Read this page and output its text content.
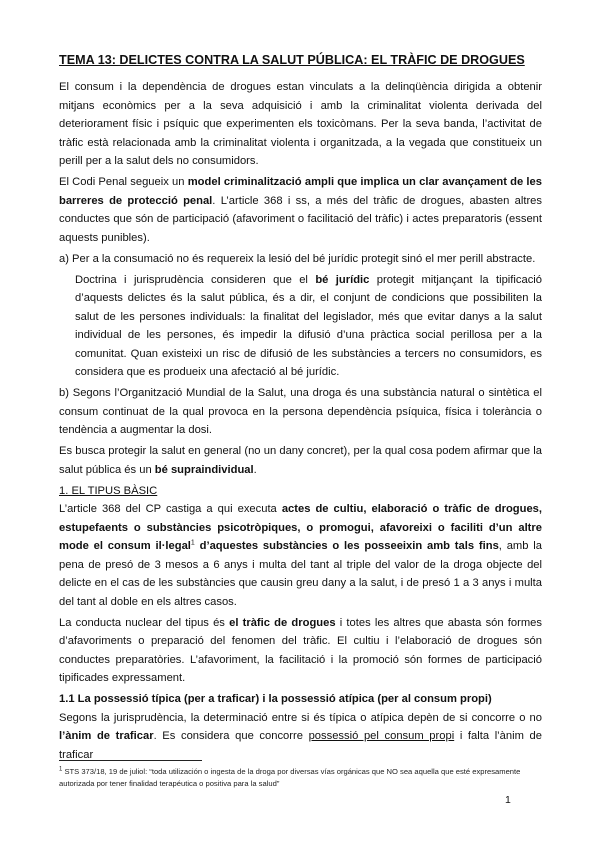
TEMA 13: DELICTES CONTRA LA SALUT PÚBLICA: EL TRÀFIC DE DROGUES

El consum i la dependència de drogues estan vinculats a la delinqüència dirigida a obtenir mitjans econòmics per a la seva adquisició i amb la criminalitat violenta derivada del deteriorament físic i psíquic que experimenten els toxicòmans. Per la seva banda, l’activitat de tràfic està relacionada amb la criminalitat violenta i organitzada, a la vegada que constitueix un perill per a la salut dels no consumidors.

El Codi Penal segueix un model criminalització ampli que implica un clar avançament de les barreres de protecció penal. L’article 368 i ss, a més del tràfic de drogues, abasten altres conductes que són de participació (afavoriment o facilitació del tràfic) i actes preparatoris (essent aquests punibles).

a) Per a la consumació no és requereix la lesió del bé jurídic protegit sinó el mer perill abstracte.

Doctrina i jurisprudència consideren que el bé jurídic protegit mitjançant la tipificació d’aquests delictes és la salut pública, és a dir, el conjunt de condicions que possibiliten la salut de les persones individuals: la finalitat del legislador, més que evitar danys a la salut individual de les persones, és impedir la difusió d’una pràctica social perillosa per a la comunitat. Quan existeixi un risc de difusió de les substàncies a tercers no consumidors, es considera que es produeix una afectació al bé jurídic.

b) Segons l’Organització Mundial de la Salut, una droga és una substància natural o sintètica el consum continuat de la qual provoca en la persona dependència psíquica, física i tolerància o tendència a augmentar la dosi.

Es busca protegir la salut en general (no un dany concret), per la qual cosa podem afirmar que la salut pública és un bé supraindividual.

1. EL TIPUS BÀSIC

L’article 368 del CP castiga a qui executa actes de cultiu, elaboració o tràfic de drogues, estupefaents o substàncies psicotròpiques, o promogui, afavoreixi o faciliti d’un altre mode el consum il·legal$^1$ d’aquestes substàncies o les posseeixin amb tals fins, amb la pena de presó de 3 mesos a 6 anys i multa del tant al triple del valor de la droga objecte del delicte en el cas de les substàncies que causin greu dany a la salut, i de presó 1 a 3 anys i multa del tant al doble en els altres casos.

La conducta nuclear del tipus és el tràfic de drogues i totes les altres que abasta són formes d’afavoriments o preparació del fenomen del tràfic. El cultiu i l’elaboració de drogues són conductes preparatòries. L’afavoriment, la facilitació i la promoció són formes de participació tipificades expressament.

1.1 La possessió típica (per a traficar) i la possessió atípica (per al consum propi)

Segons la jurisprudència, la determinació entre si és típica o atípica depèn de si concorre o no l’ànim de traficar. Es considera que concorre possessió pel consum propi i falta l’ànim de traficar

$^1$ STS 373/18, 19 de juliol: “toda utilización o ingesta de la droga por diversas vías orgánicas que NO sea aquella que esté expresamente autorizada por tener finalidad terapéutica o positiva para la salud”
1
